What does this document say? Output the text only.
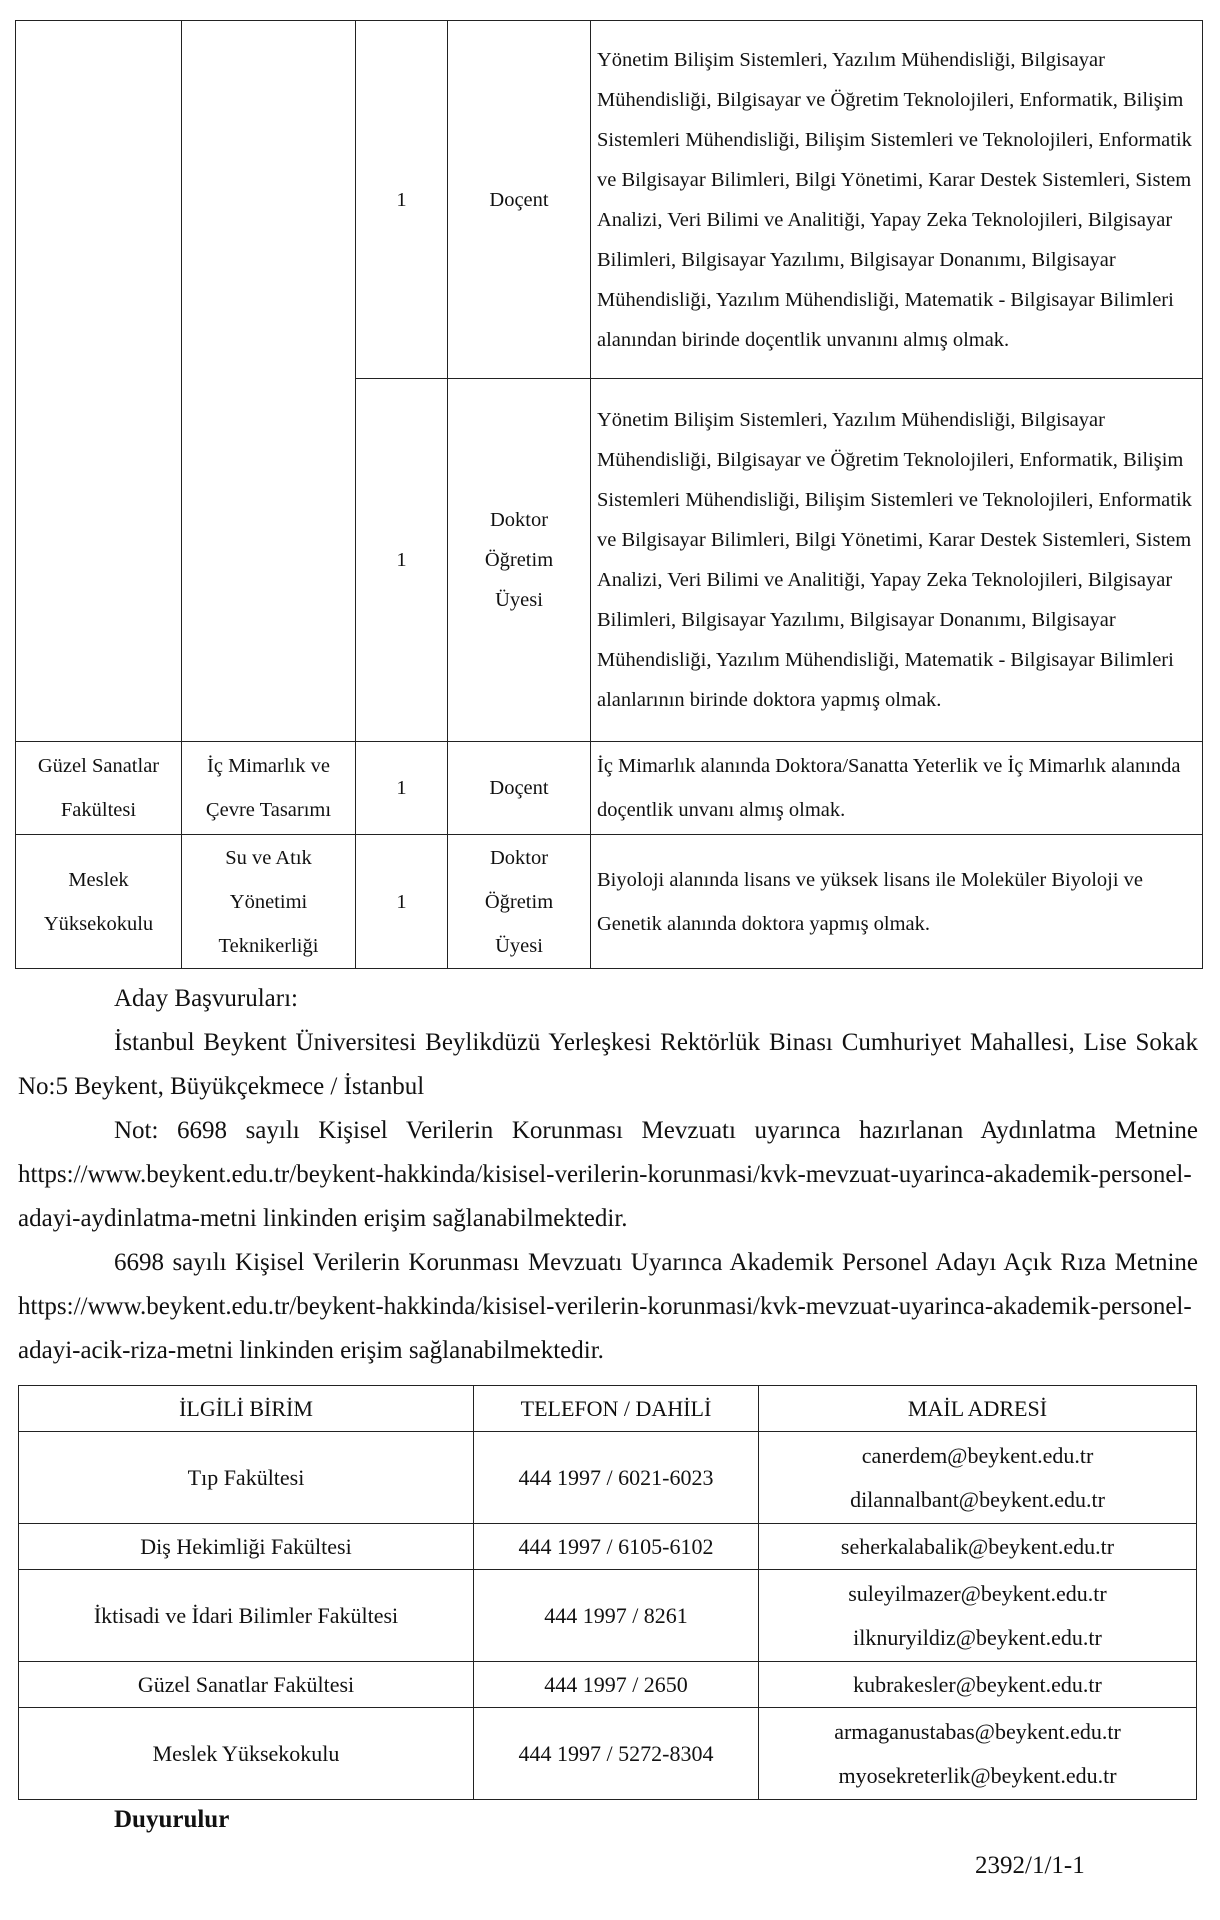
		1	Doçent	Yönetim Bilişim Sistemleri, Yazılım Mühendisliği, Bilgisayar Mühendisliği, Bilgisayar ve Öğretim Teknolojileri, Enformatik, Bilişim Sistemleri Mühendisliği, Bilişim Sistemleri ve Teknolojileri, Enformatik ve Bilgisayar Bilimleri, Bilgi Yönetimi, Karar Destek Sistemleri, Sistem Analizi, Veri Bilimi ve Analitiği, Yapay Zeka Teknolojileri, Bilgisayar Bilimleri, Bilgisayar Yazılımı, Bilgisayar Donanımı, Bilgisayar Mühendisliği, Yazılım Mühendisliği, Matematik - Bilgisayar Bilimleri alanından birinde doçentlik unvanını almış olmak.
		1	Doktor Öğretim Üyesi	Yönetim Bilişim Sistemleri, Yazılım Mühendisliği, Bilgisayar Mühendisliği, Bilgisayar ve Öğretim Teknolojileri, Enformatik, Bilişim Sistemleri Mühendisliği, Bilişim Sistemleri ve Teknolojileri, Enformatik ve Bilgisayar Bilimleri, Bilgi Yönetimi, Karar Destek Sistemleri, Sistem Analizi, Veri Bilimi ve Analitiği, Yapay Zeka Teknolojileri, Bilgisayar Bilimleri, Bilgisayar Yazılımı, Bilgisayar Donanımı, Bilgisayar Mühendisliği, Yazılım Mühendisliği, Matematik - Bilgisayar Bilimleri alanlarının birinde doktora yapmış olmak.
Güzel Sanatlar Fakültesi	İç Mimarlık ve Çevre Tasarımı	1	Doçent	İç Mimarlık alanında Doktora/Sanatta Yeterlik ve İç Mimarlık alanında doçentlik unvanı almış olmak.
Meslek Yüksekokulu	Su ve Atık Yönetimi Teknikerliği	1	Doktor Öğretim Üyesi	Biyoloji alanında lisans ve yüksek lisans ile Moleküler Biyoloji ve Genetik alanında doktora yapmış olmak.
Aday Başvuruları:
İstanbul Beykent Üniversitesi Beylikdüzü Yerleşkesi Rektörlük Binası Cumhuriyet Mahallesi, Lise Sokak No:5 Beykent, Büyükçekmece / İstanbul
Not: 6698 sayılı Kişisel Verilerin Korunması Mevzuatı uyarınca hazırlanan Aydınlatma Metnine https://www.beykent.edu.tr/beykent-hakkinda/kisisel-verilerin-korunmasi/kvk-mevzuat-uyarinca-akademik-personel-adayi-aydinlatma-metni linkinden erişim sağlanabilmektedir.
6698 sayılı Kişisel Verilerin Korunması Mevzuatı Uyarınca Akademik Personel Adayı Açık Rıza Metnine https://www.beykent.edu.tr/beykent-hakkinda/kisisel-verilerin-korunmasi/kvk-mevzuat-uyarinca-akademik-personel-adayi-acik-riza-metni linkinden erişim sağlanabilmektedir.
İLGİLİ BİRİM	TELEFON / DAHİLİ	MAİL ADRESİ
Tıp Fakültesi	444 1997 / 6021-6023	canerdem@beykent.edu.tr
dilannalbant@beykent.edu.tr

Diş Hekimliği Fakültesi	444 1997 / 6105-6102	seherkalabalik@beykent.edu.tr

İktisadi ve İdari Bilimler Fakültesi	444 1997 / 8261	suleyilmazer@beykent.edu.tr
ilknuryildiz@beykent.edu.tr

Güzel Sanatlar Fakültesi	444 1997 / 2650	kubrakesler@beykent.edu.tr

Meslek Yüksekokulu	444 1997 / 5272-8304	armaganustabas@beykent.edu.tr
myosekreterlik@beykent.edu.tr
Duyurulur
2392/1/1-1
